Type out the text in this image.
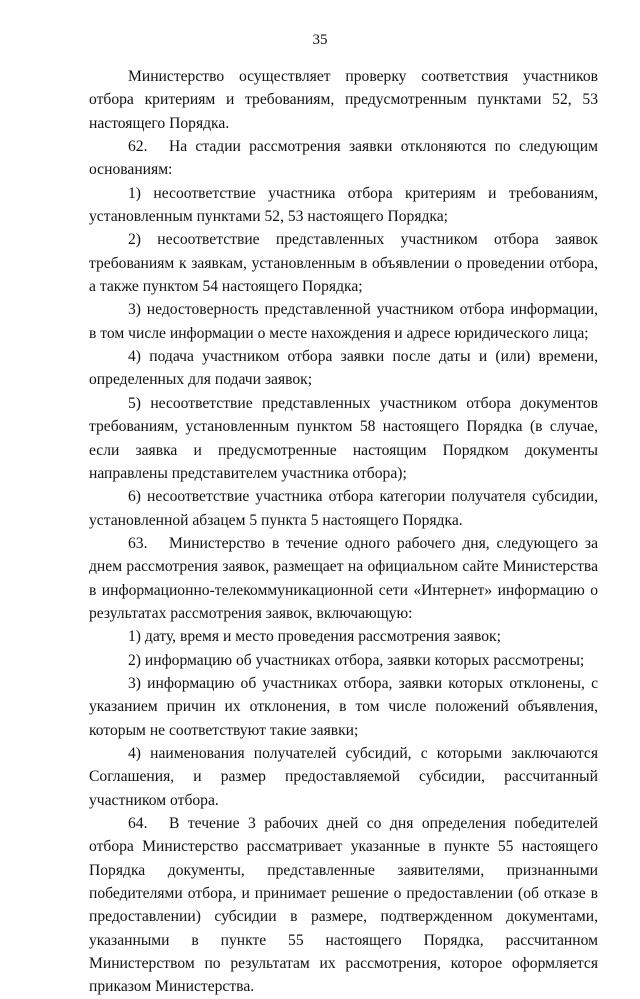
35

Министерство осуществляет проверку соответствия участников отбора критериям и требованиям, предусмотренным пунктами 52, 53 настоящего Порядка.

62. На стадии рассмотрения заявки отклоняются по следующим основаниям:

1) несоответствие участника отбора критериям и требованиям, установленным пунктами 52, 53 настоящего Порядка;

2) несоответствие представленных участником отбора заявок требованиям к заявкам, установленным в объявлении о проведении отбора, а также пунктом 54 настоящего Порядка;

3) недостоверность представленной участником отбора информации, в том числе информации о месте нахождения и адресе юридического лица;

4) подача участником отбора заявки после даты и (или) времени, определенных для подачи заявок;

5) несоответствие представленных участником отбора документов требованиям, установленным пунктом 58 настоящего Порядка (в случае, если заявка и предусмотренные настоящим Порядком документы направлены представителем участника отбора);

6) несоответствие участника отбора категории получателя субсидии, установленной абзацем 5 пункта 5 настоящего Порядка.

63. Министерство в течение одного рабочего дня, следующего за днем рассмотрения заявок, размещает на официальном сайте Министерства в информационно-телекоммуникационной сети «Интернет» информацию о результатах рассмотрения заявок, включающую:

1) дату, время и место проведения рассмотрения заявок;

2) информацию об участниках отбора, заявки которых рассмотрены;

3) информацию об участниках отбора, заявки которых отклонены, с указанием причин их отклонения, в том числе положений объявления, которым не соответствуют такие заявки;

4) наименования получателей субсидий, с которыми заключаются Соглашения, и размер предоставляемой субсидии, рассчитанный участником отбора.

64. В течение 3 рабочих дней со дня определения победителей отбора Министерство рассматривает указанные в пункте 55 настоящего Порядка документы, представленные заявителями, признанными победителями отбора, и принимает решение о предоставлении (об отказе в предоставлении) субсидии в размере, подтвержденном документами, указанными в пункте 55 настоящего Порядка, рассчитанном Министерством по результатам их рассмотрения, которое оформляется приказом Министерства.
